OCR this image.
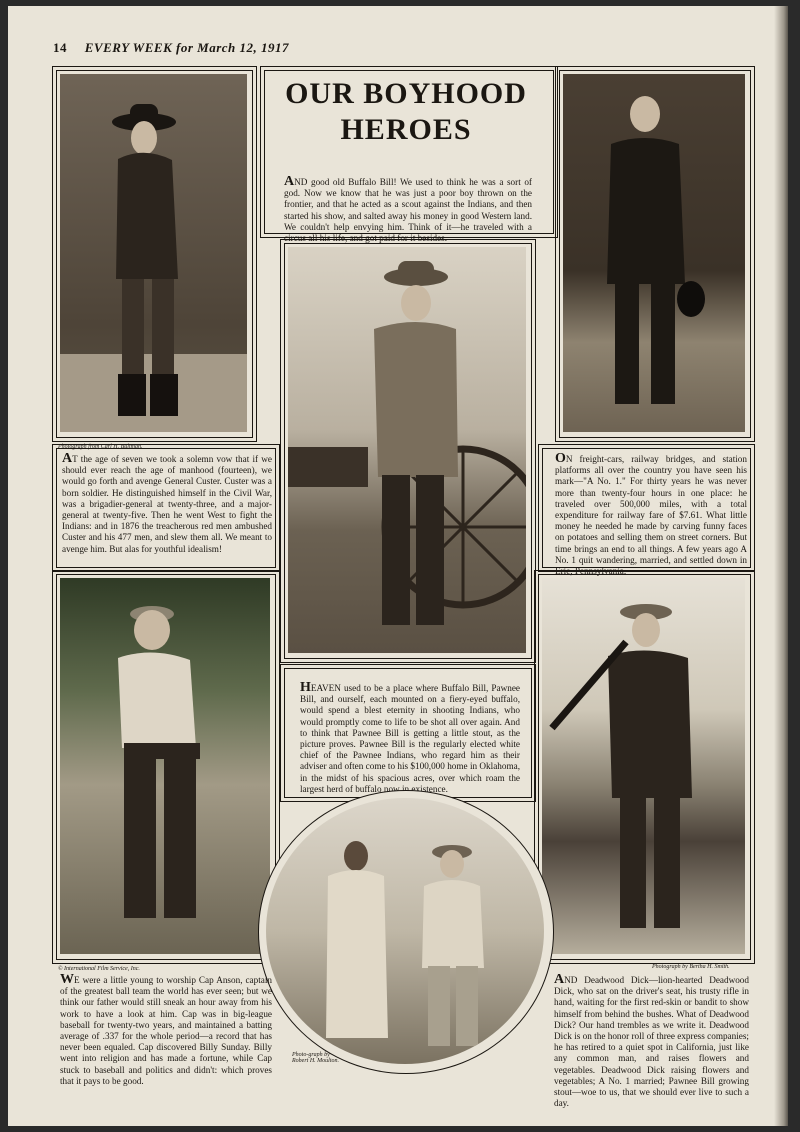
14 EVERY WEEK for March 12, 1917
Photograph from Carl H. Bultman.
OUR BOYHOOD
HEROES
AND good old Buffalo Bill! We used to think he was a sort of god. Now we know that he was just a poor boy thrown on the frontier, and that he acted as a scout against the Indians, and then started his show, and salted away his money in good Western land. We couldn't help envying him. Think of it—he traveled with a circus all his life, and got paid for it besides.
AT the age of seven we took a solemn vow that if we should ever reach the age of manhood (fourteen), we would go forth and avenge General Custer. Custer was a born soldier. He distinguished himself in the Civil War, was a brigadier-general at twenty-three, and a major-general at twenty-five. Then he went West to fight the Indians: and in 1876 the treacherous red men ambushed Custer and his 477 men, and slew them all. We meant to avenge him. But alas for youthful idealism!
ON freight-cars, railway bridges, and station platforms all over the country you have seen his mark—"A No. 1." For thirty years he was never more than twenty-four hours in one place: he traveled over 500,000 miles, with a total expenditure for railway fare of $7.61. What little money he needed he made by carving funny faces on potatoes and selling them on street corners. But time brings an end to all things. A few years ago A No. 1 quit wandering, married, and settled down in Erie, Pennsylvania.
© International Film Service, Inc.
HEAVEN used to be a place where Buffalo Bill, Pawnee Bill, and ourself, each mounted on a fiery-eyed buffalo, would spend a blest eternity in shooting Indians, who would promptly come to life to be shot all over again. And to think that Pawnee Bill is getting a little stout, as the picture proves. Pawnee Bill is the regularly elected white chief of the Pawnee Indians, who regard him as their adviser and often come to his $100,000 home in Oklahoma, in the midst of his spacious acres, over which roam the largest herd of buffalo now in existence.
Photograph by Bertha H. Smith.
Photo-graph by Robert H. Moulton.
WE were a little young to worship Cap Anson, captain of the greatest ball team the world has ever seen; but we think our father would still sneak an hour away from his work to have a look at him. Cap was in big-league baseball for twenty-two years, and maintained a batting average of .337 for the whole period—a record that has never been equaled. Cap discovered Billy Sunday. Billy went into religion and has made a fortune, while Cap stuck to baseball and politics and didn't: which proves that it pays to be good.
AND Deadwood Dick—lion-hearted Deadwood Dick, who sat on the driver's seat, his trusty rifle in hand, waiting for the first red-skin or bandit to show himself from behind the bushes. What of Deadwood Dick? Our hand trembles as we write it. Deadwood Dick is on the honor roll of three express companies; he has retired to a quiet spot in California, just like any common man, and raises flowers and vegetables. Deadwood Dick raising flowers and vegetables; A No. 1 married; Pawnee Bill growing stout—woe to us, that we should ever live to such a day.
